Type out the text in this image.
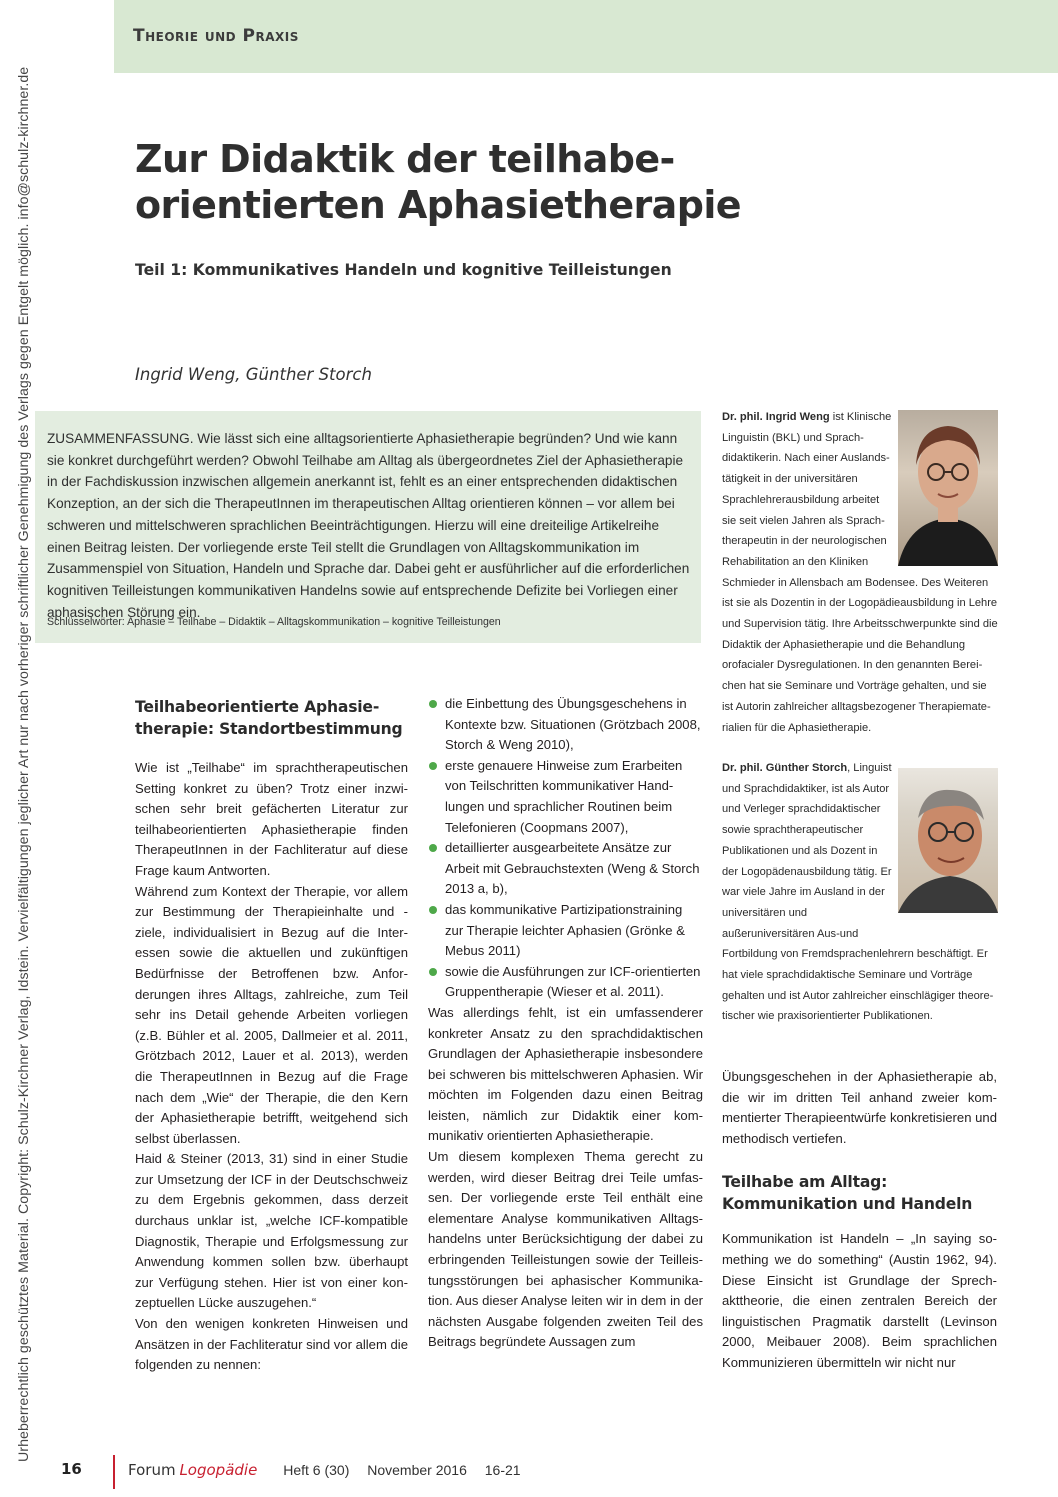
Urheberrechtlich geschütztes Material. Copyright: Schulz-Kirchner Verlag, Idstein. Vervielfältigungen jeglicher Art nur nach vorheriger schriftlicher Genehmigung des Verlags gegen Entgelt möglich. info@schulz-kirchner.de
Theorie und Praxis
Zur Didaktik der teilhabe-
orientierten Aphasietherapie
Teil 1: Kommunikatives Handeln und kognitive Teilleistungen
Ingrid Weng, Günther Storch
ZUSAMMENFASSUNG. Wie lässt sich eine alltagsorientierte Aphasietherapie begründen? Und wie kann sie konkret durchgeführt werden? Obwohl Teilhabe am Alltag als übergeordnetes Ziel der Aphasietherapie in der Fachdiskussion inzwischen allgemein anerkannt ist, fehlt es an einer entsprechenden didaktischen Konzeption, an der sich die TherapeutInnen im therapeutischen Alltag orientieren können – vor allem bei schweren und mittelschweren sprachlichen Beeinträchtigungen. Hierzu will eine dreiteilige Artikelreihe einen Beitrag leisten. Der vorliegende erste Teil stellt die Grundlagen von Alltagskommunikation im Zusammenspiel von Situation, Handeln und Sprache dar. Dabei geht er ausführlicher auf die erforderlichen kognitiven Teilleistungen kommunikativen Handelns sowie auf entsprechende Defizite bei Vorliegen einer aphasischen Störung ein.
Schlüsselwörter: Aphasie – Teilhabe – Didaktik – Alltagskommunikation – kognitive Teilleistungen
Teilhabeorientierte Aphasietherapie: Standortbestimmung
Wie ist „Teilhabe“ im sprachtherapeutischen Setting konkret zu üben? Trotz einer inzwischen sehr breit gefächerten Literatur zur teilhabeorientierten Aphasietherapie finden TherapeutInnen in der Fachliteratur auf diese Frage kaum Antworten.
Während zum Kontext der Therapie, vor allem zur Bestimmung der Therapieinhalte und -ziele, individualisiert in Bezug auf die Interessen sowie die aktuellen und zukünftigen Bedürfnisse der Betroffenen bzw. Anforderungen ihres Alltags, zahlreiche, zum Teil sehr ins Detail gehende Arbeiten vorliegen (z.B. Bühler et al. 2005, Dallmeier et al. 2011, Grötzbach 2012, Lauer et al. 2013), werden die TherapeutInnen in Bezug auf die Frage nach dem „Wie“ der Therapie, die den Kern der Aphasietherapie betrifft, weitgehend sich selbst überlassen.
Haid & Steiner (2013, 31) sind in einer Studie zur Umsetzung der ICF in der Deutschschweiz zu dem Ergebnis gekommen, dass derzeit durchaus unklar ist, „welche ICF-kompatible Diagnostik, Therapie und Erfolgsmessung zur Anwendung kommen sollen bzw. überhaupt zur Verfügung stehen. Hier ist von einer konzeptuellen Lücke auszugehen.“
Von den wenigen konkreten Hinweisen und Ansätzen in der Fachliteratur sind vor allem die folgenden zu nennen:
die Einbettung des Übungsgeschehens in Kontexte bzw. Situationen (Grötzbach 2008, Storch & Weng 2010),
erste genauere Hinweise zum Erarbeiten von Teilschritten kommunikativer Handlungen und sprachlicher Routinen beim Telefonieren (Coopmans 2007),
detaillierter ausgearbeitete Ansätze zur Arbeit mit Gebrauchstexten (Weng & Storch 2013 a, b),
das kommunikative Partizipationstraining zur Therapie leichter Aphasien (Grönke & Mebus 2011)
sowie die Ausführungen zur ICF-orientierten Gruppentherapie (Wieser et al. 2011).
Was allerdings fehlt, ist ein umfassenderer konkreter Ansatz zu den sprachdidaktischen Grundlagen der Aphasietherapie insbesondere bei schweren bis mittelschweren Aphasien. Wir möchten im Folgenden dazu einen Beitrag leisten, nämlich zur Didaktik einer kommunikativ orientierten Aphasietherapie.
Um diesem komplexen Thema gerecht zu werden, wird dieser Beitrag drei Teile umfassen. Der vorliegende erste Teil enthält eine elementare Analyse kommunikativen Alltagshandelns unter Berücksichtigung der dabei zu erbringenden Teilleistungen sowie der Teilleistungsstörungen bei aphasischer Kommunikation. Aus dieser Analyse leiten wir in dem in der nächsten Ausgabe folgenden zweiten Teil des Beitrags begründete Aussagen zum
Dr. phil. Ingrid Weng ist Klinische Linguistin (BKL) und Sprachdidaktikerin. Nach einer Auslandstätigkeit in der universitären Sprachlehrerausbildung arbeitet sie seit vielen Jahren als Sprachtherapeutin in der neurologischen Rehabilitation an den Kliniken
Schmieder in Allensbach am Bodensee. Des Weiteren ist sie als Dozentin in der Logopädieausbildung in Lehre und Supervision tätig. Ihre Arbeitsschwerpunkte sind die Didaktik der Aphasietherapie und die Behandlung orofacialer Dysregulationen. In den genannten Bereichen hat sie Seminare und Vorträge gehalten, und sie ist Autorin zahlreicher alltagsbezogener Therapiematerialien für die Aphasietherapie.
Dr. phil. Günther Storch, Linguist und Sprachdidaktiker, ist als Autor und Verleger sprachdidaktischer sowie sprachtherapeutischer Publikationen und als Dozent in der Logopädenausbildung tätig. Er war viele Jahre im Ausland in der universitären und außeruniversitären Aus-und
Fortbildung von Fremdsprachenlehrern beschäftigt. Er hat viele sprachdidaktische Seminare und Vorträge gehalten und ist Autor zahlreicher einschlägiger theoretischer wie praxisorientierter Publikationen.
Übungsgeschehen in der Aphasietherapie ab, die wir im dritten Teil anhand zweier kommentierter Therapieentwürfe konkretisieren und methodisch vertiefen.
Teilhabe am Alltag: Kommunikation und Handeln
Kommunikation ist Handeln – „In saying something we do something“ (Austin 1962, 94). Diese Einsicht ist Grundlage der Sprechakttheorie, die einen zentralen Bereich der linguistischen Pragmatik darstellt (Levinson 2000, Meibauer 2008). Beim sprachlichen Kommunizieren übermitteln wir nicht nur
16	Forum Logopädie Heft 6 (30) November 2016 16-21
